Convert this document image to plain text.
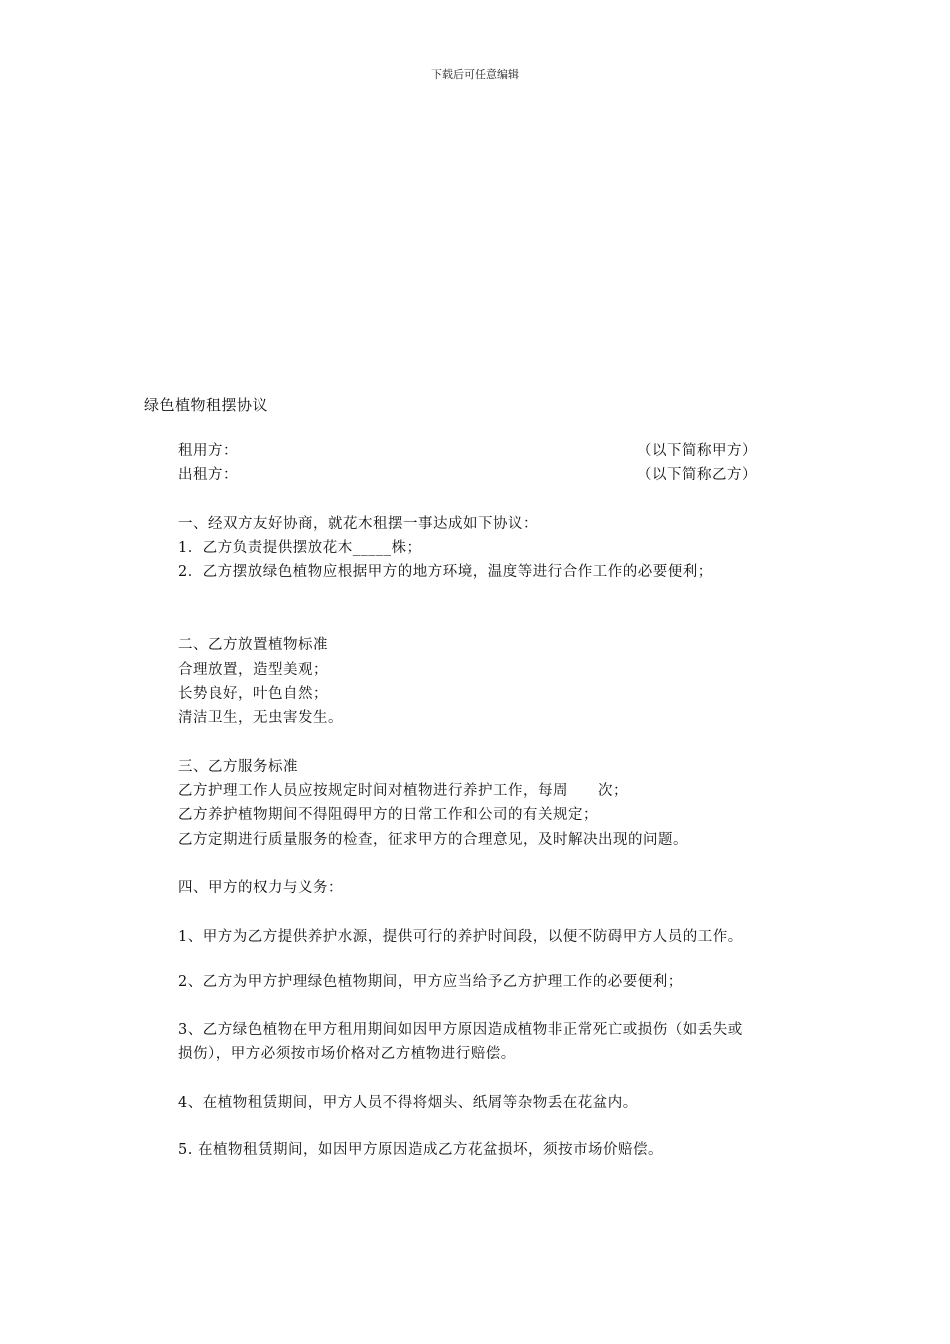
下载后可任意编辑
绿色植物租摆协议
租用方：	（以下简称甲方）
出租方：	（以下简称乙方）
一、经双方友好协商，就花木租摆一事达成如下协议：
1．乙方负责提供摆放花木_____株；
2．乙方摆放绿色植物应根据甲方的地方环境，温度等进行合作工作的必要便利；
二、乙方放置植物标准
合理放置，造型美观；
长势良好，叶色自然；
清洁卫生，无虫害发生。
三、乙方服务标准
乙方护理工作人员应按规定时间对植物进行养护工作，每周　　次；
乙方养护植物期间不得阻碍甲方的日常工作和公司的有关规定；
乙方定期进行质量服务的检查，征求甲方的合理意见，及时解决出现的问题。
四、甲方的权力与义务：
1、甲方为乙方提供养护水源，提供可行的养护时间段，以便不防碍甲方人员的工作。
2、乙方为甲方护理绿色植物期间，甲方应当给予乙方护理工作的必要便利；
3、乙方绿色植物在甲方租用期间如因甲方原因造成植物非正常死亡或损伤（如丢失或
损伤），甲方必须按市场价格对乙方植物进行赔偿。
4、在植物租赁期间，甲方人员不得将烟头、纸屑等杂物丢在花盆内。
5. 在植物租赁期间，如因甲方原因造成乙方花盆损坏，须按市场价赔偿。
